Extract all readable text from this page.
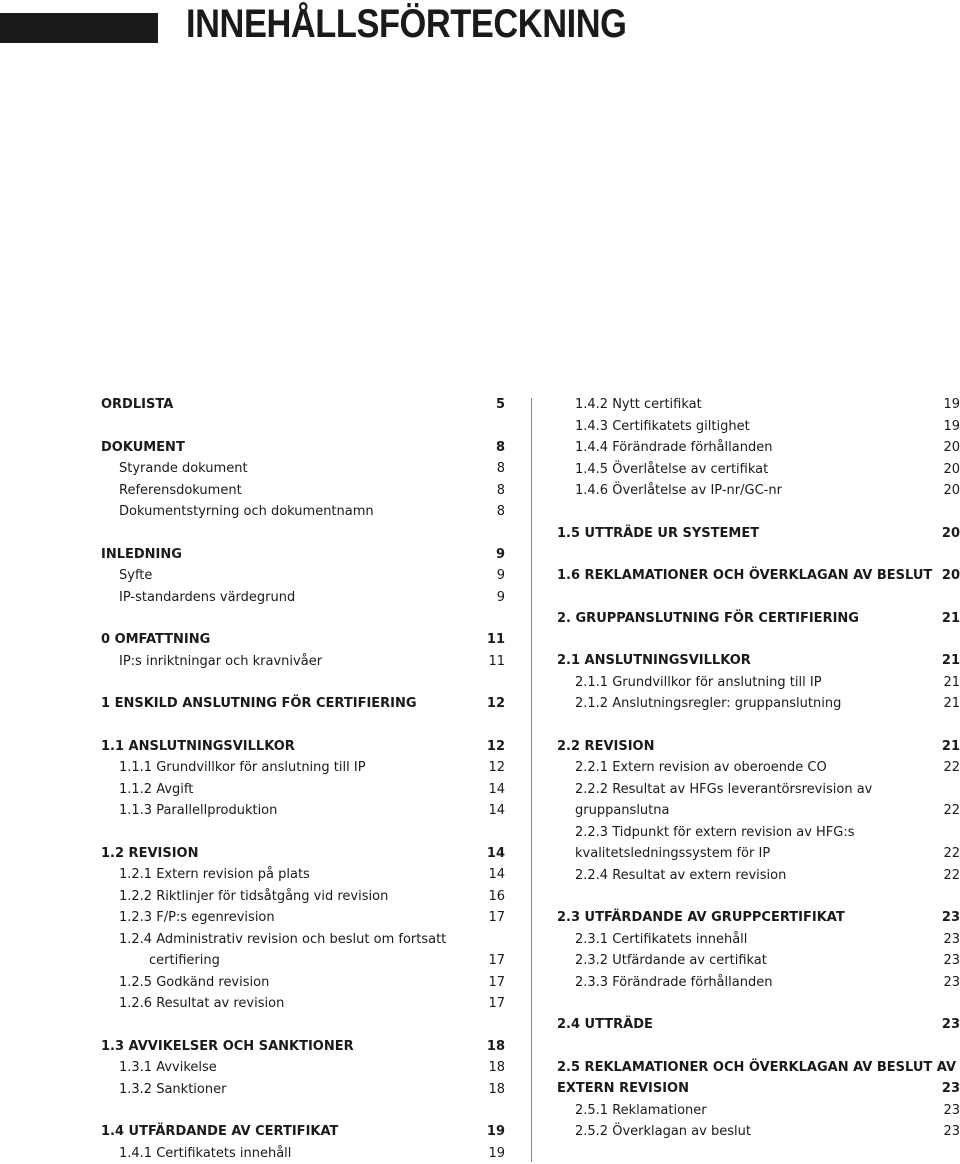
INNEHÅLLSFÖRTECKNING
ORDLISTA	5
DOKUMENT	8
Styrande dokument	8
Referensdokument	8
Dokumentstyrning och dokumentnamn	8
INLEDNING	9
Syfte	9
IP-standardens värdegrund	9
0 OMFATTNING	11
IP:s inriktningar och kravnivåer	11
1 ENSKILD ANSLUTNING FÖR CERTIFIERING	12
1.1 ANSLUTNINGSVILLKOR	12
1.1.1 Grundvillkor för anslutning till IP	12
1.1.2 Avgift	14
1.1.3 Parallellproduktion	14
1.2 REVISION	14
1.2.1 Extern revision på plats	14
1.2.2 Riktlinjer för tidsåtgång vid revision	16
1.2.3 F/P:s egenrevision	17
1.2.4 Administrativ revision och beslut om fortsatt
certifiering	17
1.2.5 Godkänd revision	17
1.2.6 Resultat av revision	17
1.3 AVVIKELSER OCH SANKTIONER	18
1.3.1 Avvikelse	18
1.3.2 Sanktioner	18
1.4 UTFÄRDANDE AV CERTIFIKAT	19
1.4.1 Certifikatets innehåll	19
1.4.2 Nytt certifikat	19
1.4.3 Certifikatets giltighet	19
1.4.4 Förändrade förhållanden	20
1.4.5 Överlåtelse av certifikat	20
1.4.6 Överlåtelse av IP-nr/GC-nr	20
1.5 UTTRÄDE UR SYSTEMET	20
1.6 REKLAMATIONER OCH ÖVERKLAGAN AV BESLUT 20
2. GRUPPANSLUTNING FÖR CERTIFIERING	21
2.1 ANSLUTNINGSVILLKOR	21
2.1.1 Grundvillkor för anslutning till IP	21
2.1.2 Anslutningsregler: gruppanslutning	21
2.2 REVISION	21
2.2.1 Extern revision av oberoende CO	22
2.2.2 Resultat av HFGs leverantörsrevision av
gruppanslutna	22
2.2.3 Tidpunkt för extern revision av HFG:s
kvalitetsledningssystem för IP	22
2.2.4 Resultat av extern revision	22
2.3 UTFÄRDANDE AV GRUPPCERTIFIKAT	23
2.3.1 Certifikatets innehåll	23
2.3.2 Utfärdande av certifikat	23
2.3.3 Förändrade förhållanden	23
2.4 UTTRÄDE	23
2.5 REKLAMATIONER OCH ÖVERKLAGAN AV BESLUT AV
EXTERN REVISION	23
2.5.1 Reklamationer	23
2.5.2 Överklagan av beslut	23
